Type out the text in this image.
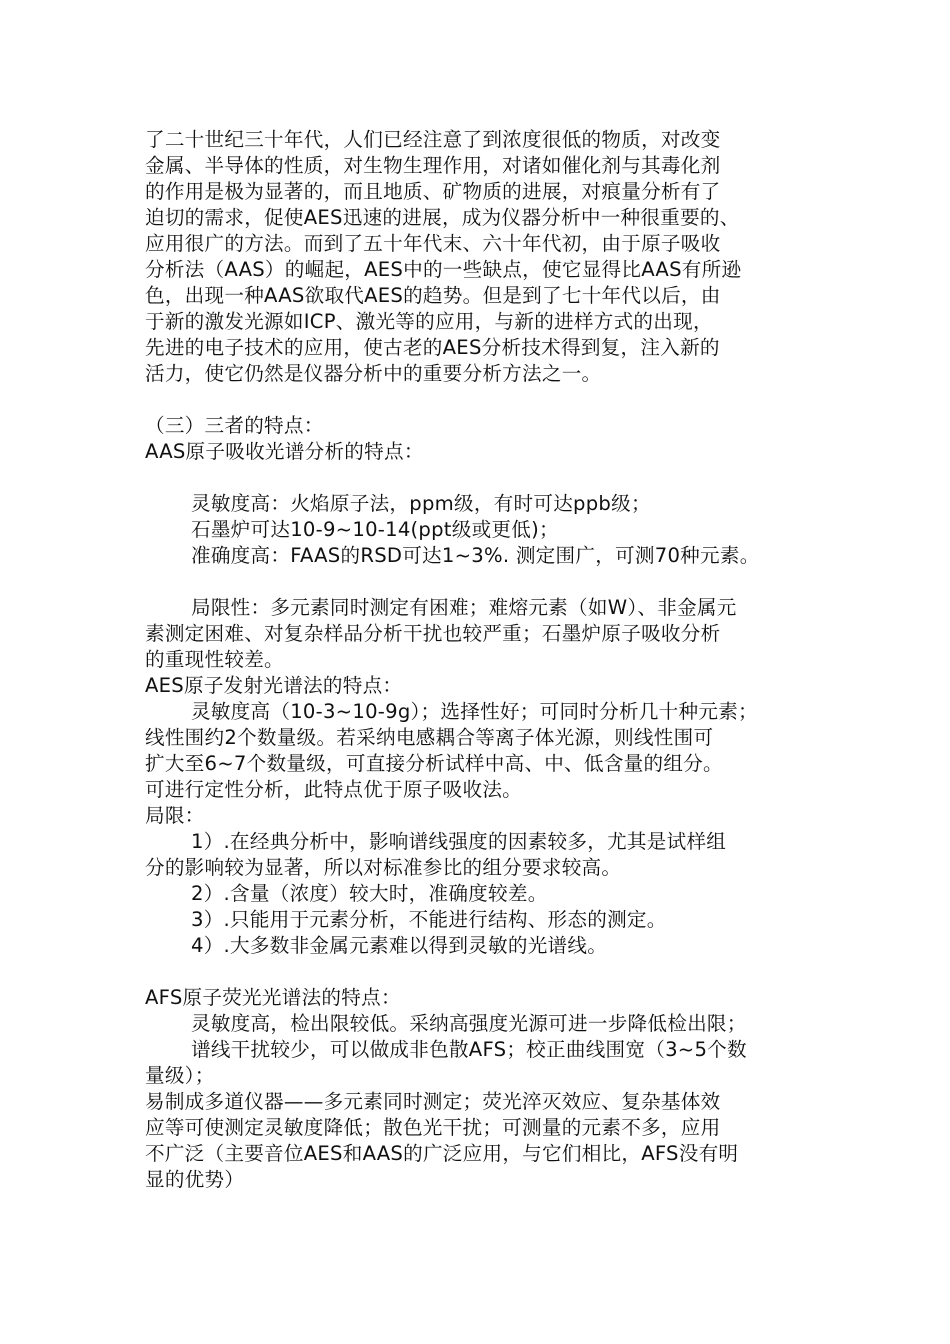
了二十世纪三十年代，人们已经注意了到浓度很低的物质，对改变
金属、半导体的性质，对生物生理作用，对诸如催化剂与其毒化剂
的作用是极为显著的，而且地质、矿物质的进展，对痕量分析有了
迫切的需求，促使AES迅速的进展，成为仪器分析中一种很重要的、
应用很广的方法。而到了五十年代末、六十年代初，由于原子吸收
分析法（AAS）的崛起，AES中的一些缺点，使它显得比AAS有所逊
色，出现一种AAS欲取代AES的趋势。但是到了七十年代以后，由
于新的激发光源如ICP、激光等的应用，与新的进样方式的出现，
先进的电子技术的应用，使古老的AES分析技术得到复，注入新的
活力，使它仍然是仪器分析中的重要分析方法之一。
（三）三者的特点：
AAS原子吸收光谱分析的特点：
灵敏度高：火焰原子法，ppm级，有时可达ppb级；
石墨炉可达10-9~10-14(ppt级或更低)；
准确度高：FAAS的RSD可达1~3%. 测定围广，可测70种元素。
局限性：多元素同时测定有困难；难熔元素（如W）、非金属元
素测定困难、对复杂样品分析干扰也较严重；石墨炉原子吸收分析
的重现性较差。
AES原子发射光谱法的特点：
灵敏度高（10-3~10-9g）；选择性好；可同时分析几十种元素；
线性围约2个数量级。若采纳电感耦合等离子体光源，则线性围可
扩大至6~7个数量级，可直接分析试样中高、中、低含量的组分。
可进行定性分析，此特点优于原子吸收法。
局限：
1）.在经典分析中，影响谱线强度的因素较多，尤其是试样组
分的影响较为显著，所以对标准参比的组分要求较高。
2）.含量（浓度）较大时，准确度较差。
3）.只能用于元素分析，不能进行结构、形态的测定。
4）.大多数非金属元素难以得到灵敏的光谱线。
AFS原子荧光光谱法的特点：
灵敏度高，检出限较低。采纳高强度光源可进一步降低检出限；
谱线干扰较少，可以做成非色散AFS；校正曲线围宽（3~5个数
量级）；
易制成多道仪器——多元素同时测定；荧光淬灭效应、复杂基体效
应等可使测定灵敏度降低；散色光干扰；可测量的元素不多，应用
不广泛（主要音位AES和AAS的广泛应用，与它们相比，AFS没有明
显的优势）
